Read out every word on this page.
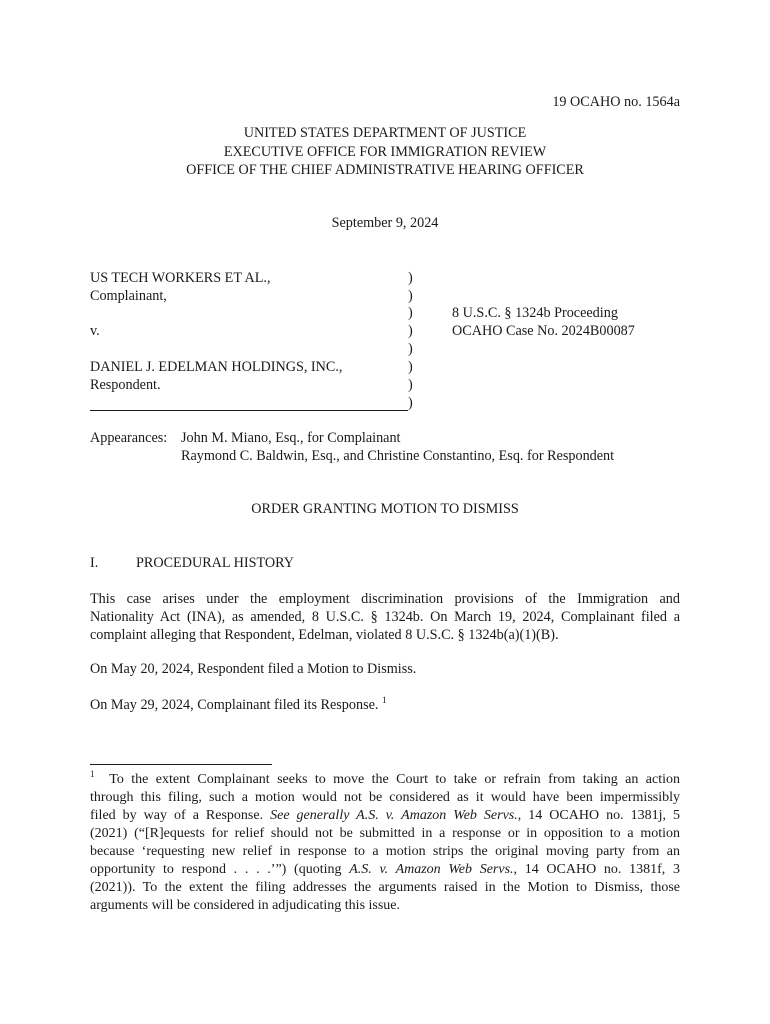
19 OCAHO no. 1564a
UNITED STATES DEPARTMENT OF JUSTICE
EXECUTIVE OFFICE FOR IMMIGRATION REVIEW
OFFICE OF THE CHIEF ADMINISTRATIVE HEARING OFFICER
September 9, 2024
US TECH WORKERS ET AL.,
Complainant,
v.
DANIEL J. EDELMAN HOLDINGS, INC.,
Respondent.
)
)
)
)
)
)
)
)
8 U.S.C. § 1324b Proceeding
OCAHO Case No. 2024B00087
Appearances: John M. Miano, Esq., for Complainant
Raymond C. Baldwin, Esq., and Christine Constantino, Esq. for Respondent
ORDER GRANTING MOTION TO DISMISS
I.	PROCEDURAL HISTORY
This case arises under the employment discrimination provisions of the Immigration and
Nationality Act (INA), as amended, 8 U.S.C. § 1324b. On March 19, 2024, Complainant filed a
complaint alleging that Respondent, Edelman, violated 8 U.S.C. § 1324b(a)(1)(B).
On May 20, 2024, Respondent filed a Motion to Dismiss.
On May 29, 2024, Complainant filed its Response. $^1$
$^1$ To the extent Complainant seeks to move the Court to take or refrain from taking an action
through this filing, such a motion would not be considered as it would have been impermissibly
filed by way of a Response. See generally A.S. v. Amazon Web Servs., 14 OCAHO no. 1381j, 5
(2021) (“[R]equests for relief should not be submitted in a response or in opposition to a motion
because ‘requesting new relief in response to a motion strips the original moving party from an
opportunity to respond . . . .’”) (quoting A.S. v. Amazon Web Servs., 14 OCAHO no. 1381f, 3
(2021)). To the extent the filing addresses the arguments raised in the Motion to Dismiss, those
arguments will be considered in adjudicating this issue.
